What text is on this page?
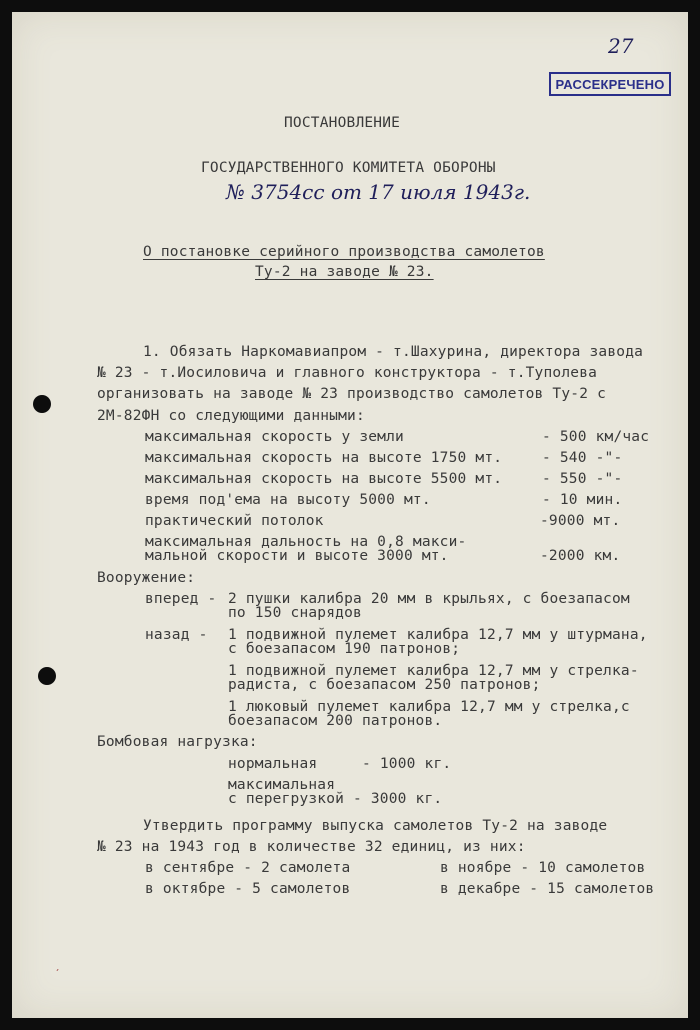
27
РАССЕКРЕЧЕНО
ПОСТАНОВЛЕНИЕ
ГОСУДАРСТВЕННОГО КОМИТЕТА ОБОРОНЫ
№ 3754сс от 17 июля 1943г.
О постановке серийного производства самолетов
Ту-2 на заводе № 23.
1. Обязать Наркомавиапром - т.Шахурина, директора завода
№ 23 - т.Иосиловича и главного конструктора - т.Туполева
организовать на заводе № 23 производство самолетов Ту-2 с
2М-82ФН со следующими данными:
максимальная скорость у земли	- 500 км/час
максимальная скорость на высоте 1750 мт.	- 540 -"-
максимальная скорость на высоте 5500 мт.	- 550 -"-
время под'ема на высоту 5000 мт.	- 10 мин.
практический потолок	-9000 мт.
максимальная дальность на 0,8 макси-
мальной скорости и высоте 3000 мт.	-2000 км.
Вооружение:
вперед - 2 пушки калибра 20 мм в крыльях, с боезапасом
по 150 снарядов
назад - 1 подвижной пулемет калибра 12,7 мм у штурмана,
с боезапасом 190 патронов;
1 подвижной пулемет калибра 12,7 мм у стрелка-
радиста, с боезапасом 250 патронов;
1 люковый пулемет калибра 12,7 мм у стрелка,с
боезапасом 200 патронов.
Бомбовая нагрузка:
нормальная	- 1000 кг.
максимальная
с перегрузкой - 3000 кг.
Утвердить программу выпуска самолетов Ту-2 на заводе
№ 23 на 1943 год в количестве 32 единиц, из них:
в сентябре - 2 самолета	в ноябре - 10 самолетов
в октябре - 5 самолетов	в декабре - 15 самолетов
ˊ
